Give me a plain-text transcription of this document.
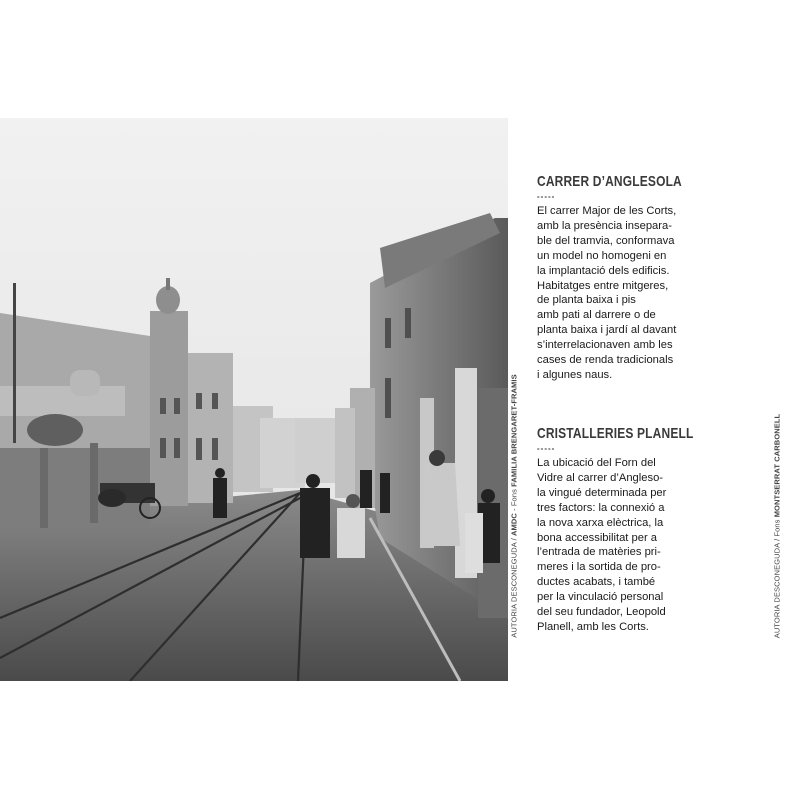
AUTORIA DESCONEGUDA / AMDC - Fons FAMILIA BRENGARET-FRAMIS
AUTORIA DESCONEGUDA / Fons MONTSERRAT CARBONELL
CARRER D’ANGLESOLA
-----

El carrer Major de les Corts,
amb la presència insepara-
ble del tramvia, conformava
un model no homogeni en
la implantació dels edificis.
Habitatges entre mitgeres,
de planta baixa i pis
amb pati al darrere o de
planta baixa i jardí al davant
s’interrelacionaven amb les
cases de renda tradicionals
i algunes naus.

CRISTALLERIES PLANELL
-----

La ubicació del Forn del
Vidre al carrer d’Angleso-
la vingué determinada per
tres factors: la connexió a
la nova xarxa elèctrica, la
bona accessibilitat per a
l’entrada de matèries pri-
meres i la sortida de pro-
ductes acabats, i també
per la vinculació personal
del seu fundador, Leopold
Planell, amb les Corts.
